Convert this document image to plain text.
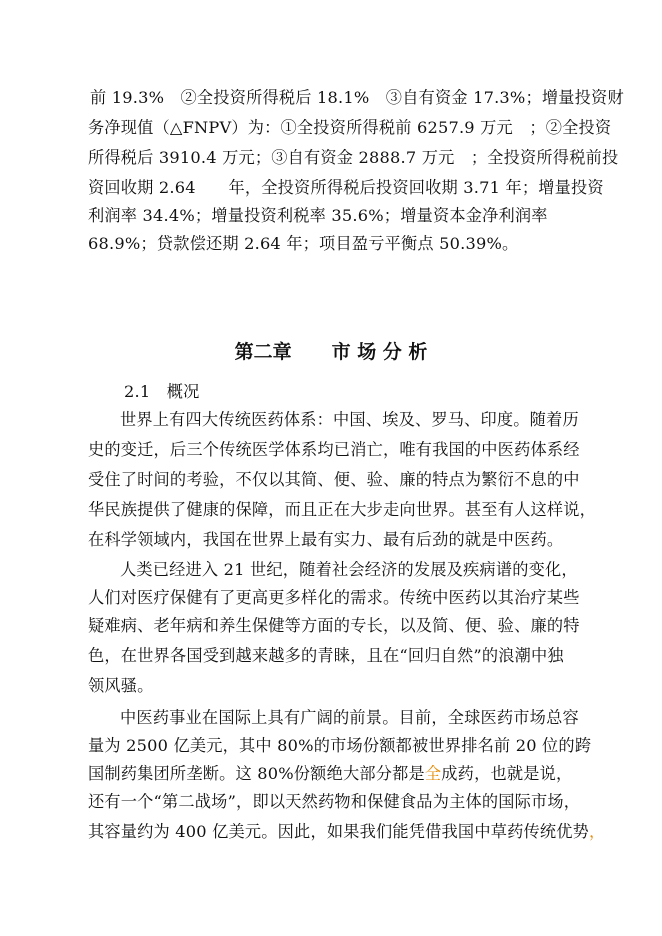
前 19.3%　②全投资所得税后 18.1%　③自有资金 17.3%；增量投资财
务净现值（△FNPV）为：①全投资所得税前 6257.9 万元　；②全投资
所得税后 3910.4 万元；③自有资金 2888.7 万元　；全投资所得税前投
资回收期 2.64　　年，全投资所得税后投资回收期 3.71 年；增量投资
利润率 34.4%；增量投资利税率 35.6%；增量资本金净利润率
68.9%；贷款偿还期 2.64 年；项目盈亏平衡点 50.39%。
第二章 市 场 分 析
2.1　概况
世界上有四大传统医药体系：中国、埃及、罗马、印度。随着历
史的变迁，后三个传统医学体系均已消亡，唯有我国的中医药体系经
受住了时间的考验，不仅以其简、便、验、廉的特点为繁衍不息的中
华民族提供了健康的保障，而且正在大步走向世界。甚至有人这样说，
在科学领域内，我国在世界上最有实力、最有后劲的就是中医药。
人类已经进入 21 世纪，随着社会经济的发展及疾病谱的变化，
人们对医疗保健有了更高更多样化的需求。传统中医药以其治疗某些
疑难病、老年病和养生保健等方面的专长，以及简、便、验、廉的特
色，在世界各国受到越来越多的青睐，且在“回归自然”的浪潮中独
领风骚。
中医药事业在国际上具有广阔的前景。目前，全球医药市场总容
量为 2500 亿美元，其中 80%的市场份额都被世界排名前 20 位的跨
国制药集团所垄断。这 80%份额绝大部分都是全成药，也就是说，
还有一个“第二战场”，即以天然药物和保健食品为主体的国际市场，
其容量约为 400 亿美元。因此，如果我们能凭借我国中草药传统优势，
